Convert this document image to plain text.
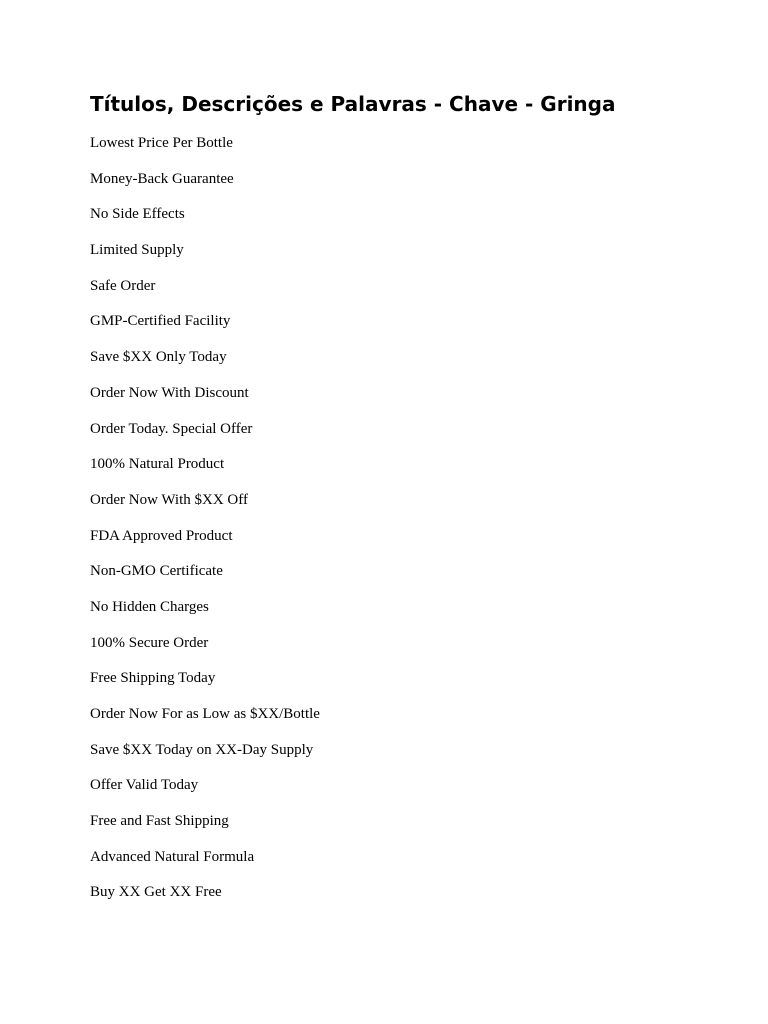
Títulos, Descrições e Palavras - Chave - Gringa
Lowest Price Per Bottle
Money-Back Guarantee
No Side Effects
Limited Supply
Safe Order
GMP-Certified Facility
Save $XX Only Today
Order Now With Discount
Order Today. Special Offer
100% Natural Product
Order Now With $XX Off
FDA Approved Product
Non-GMO Certificate
No Hidden Charges
100% Secure Order
Free Shipping Today
Order Now For as Low as $XX/Bottle
Save $XX Today on XX-Day Supply
Offer Valid Today
Free and Fast Shipping
Advanced Natural Formula
Buy XX Get XX Free
